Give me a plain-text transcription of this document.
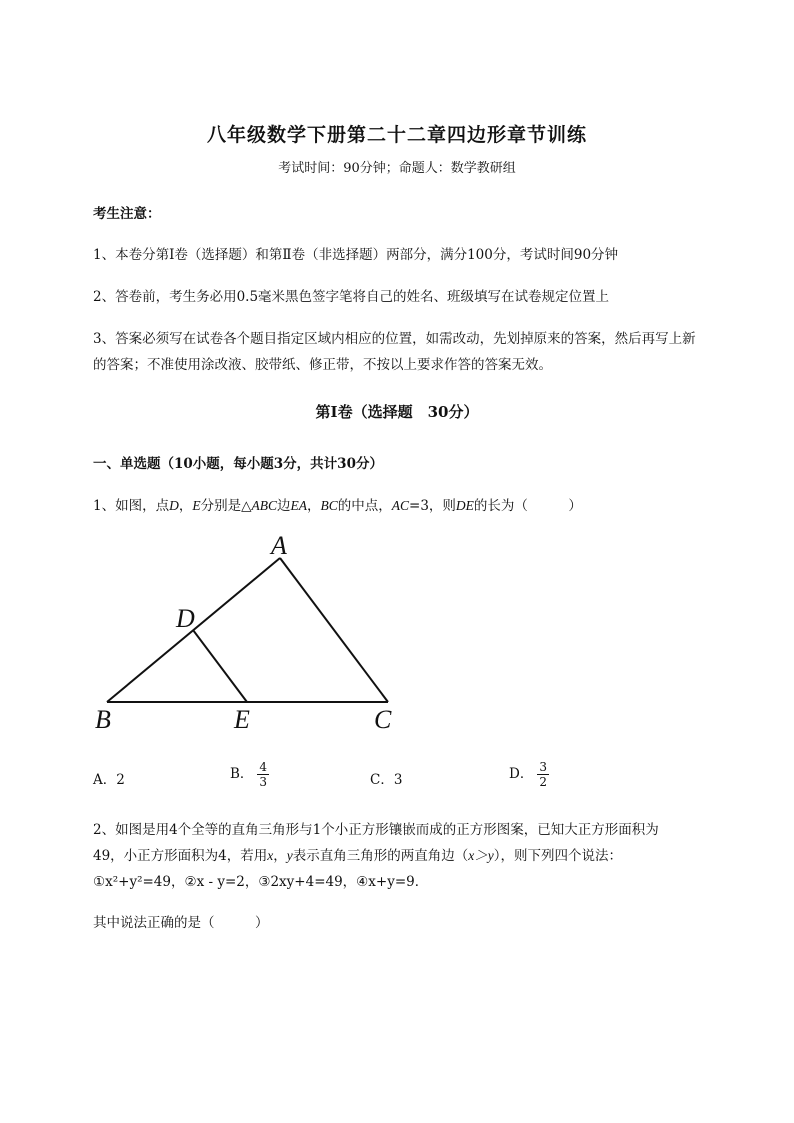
八年级数学下册第二十二章四边形章节训练
考试时间：90分钟；命题人：数学教研组
考生注意：
1、本卷分第Ⅰ卷（选择题）和第Ⅱ卷（非选择题）两部分，满分100分，考试时间90分钟
2、答卷前，考生务必用0.5毫米黑色签字笔将自己的姓名、班级填写在试卷规定位置上
3、答案必须写在试卷各个题目指定区域内相应的位置，如需改动，先划掉原来的答案，然后再写上新
的答案；不准使用涂改液、胶带纸、修正带，不按以上要求作答的答案无效。
第Ⅰ卷（选择题　30分）
一、单选题（10小题，每小题3分，共计30分）
1、如图，点D，E分别是△ABC边EA，BC的中点，AC=3，则DE的长为（　　　）
A
D
B	E	C
A．2	B． $\frac{4}{3}$	C．3	D． $\frac{3}{2}$
2、如图是用4个全等的直角三角形与1个小正方形镶嵌而成的正方形图案，已知大正方形面积为
49，小正方形面积为4，若用x，y表示直角三角形的两直角边（x＞y），则下列四个说法：
①x²+y²=49，②x - y=2，③2xy+4=49，④x+y=9．
其中说法正确的是（　　　）
